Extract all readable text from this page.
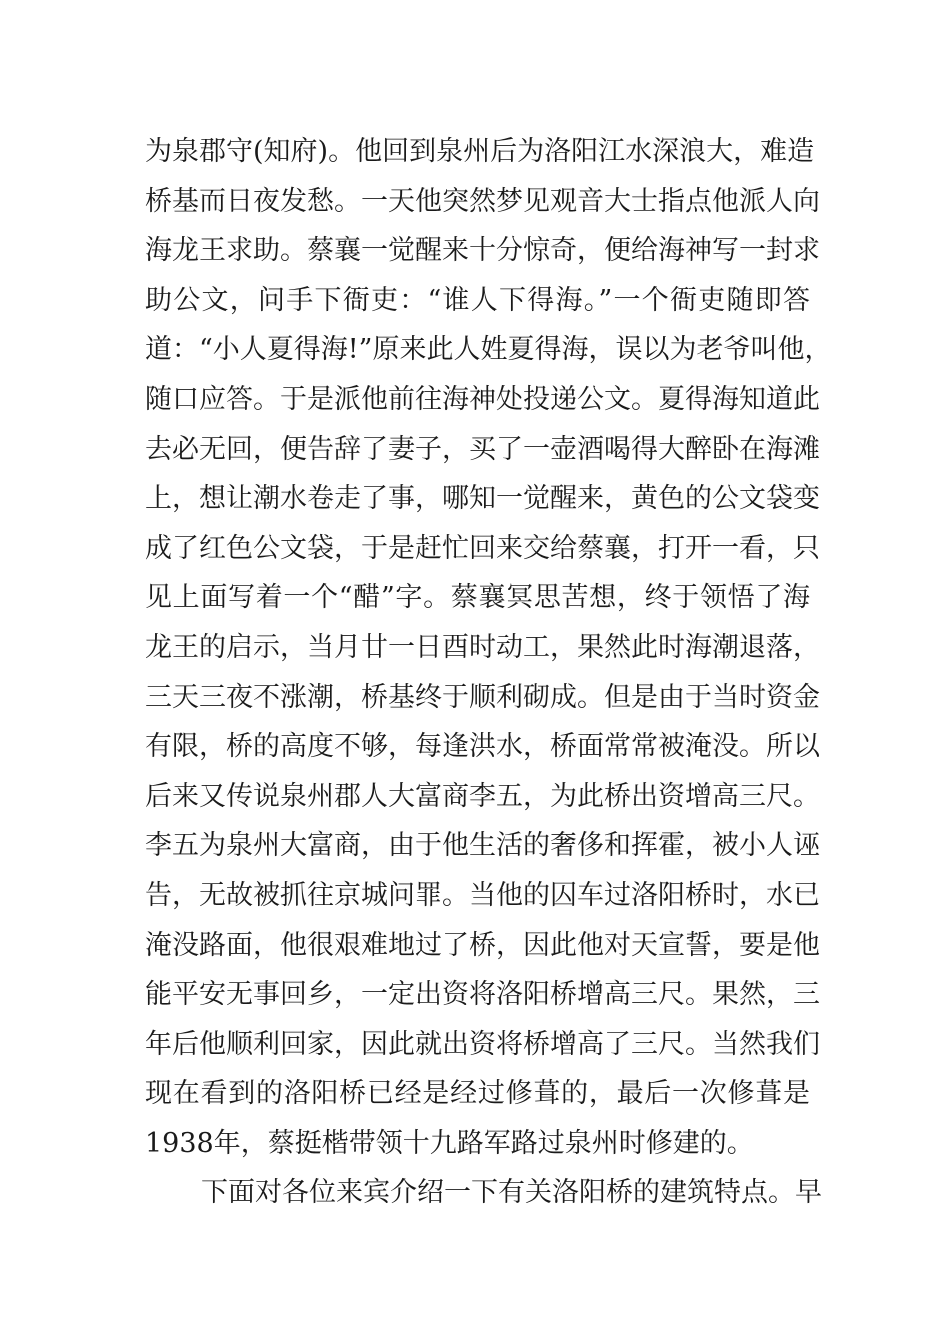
为泉郡守(知府)。他回到泉州后为洛阳江水深浪大，难造
桥基而日夜发愁。一天他突然梦见观音大士指点他派人向
海龙王求助。蔡襄一觉醒来十分惊奇，便给海神写一封求
助公文，问手下衙吏：“谁人下得海。”一个衙吏随即答
道：“小人夏得海!”原来此人姓夏得海，误以为老爷叫他，
随口应答。于是派他前往海神处投递公文。夏得海知道此
去必无回，便告辞了妻子，买了一壶酒喝得大醉卧在海滩
上，想让潮水卷走了事，哪知一觉醒来，黄色的公文袋变
成了红色公文袋，于是赶忙回来交给蔡襄，打开一看，只
见上面写着一个“醋”字。蔡襄冥思苦想，终于领悟了海
龙王的启示，当月廿一日酉时动工，果然此时海潮退落，
三天三夜不涨潮，桥基终于顺利砌成。但是由于当时资金
有限，桥的高度不够，每逢洪水，桥面常常被淹没。所以
后来又传说泉州郡人大富商李五，为此桥出资增高三尺。
李五为泉州大富商，由于他生活的奢侈和挥霍，被小人诬
告，无故被抓往京城问罪。当他的囚车过洛阳桥时，水已
淹没路面，他很艰难地过了桥，因此他对天宣誓，要是他
能平安无事回乡，一定出资将洛阳桥增高三尺。果然，三
年后他顺利回家，因此就出资将桥增高了三尺。当然我们
现在看到的洛阳桥已经是经过修葺的，最后一次修葺是
1938年，蔡挺楷带领十九路军路过泉州时修建的。
下面对各位来宾介绍一下有关洛阳桥的建筑特点。早
